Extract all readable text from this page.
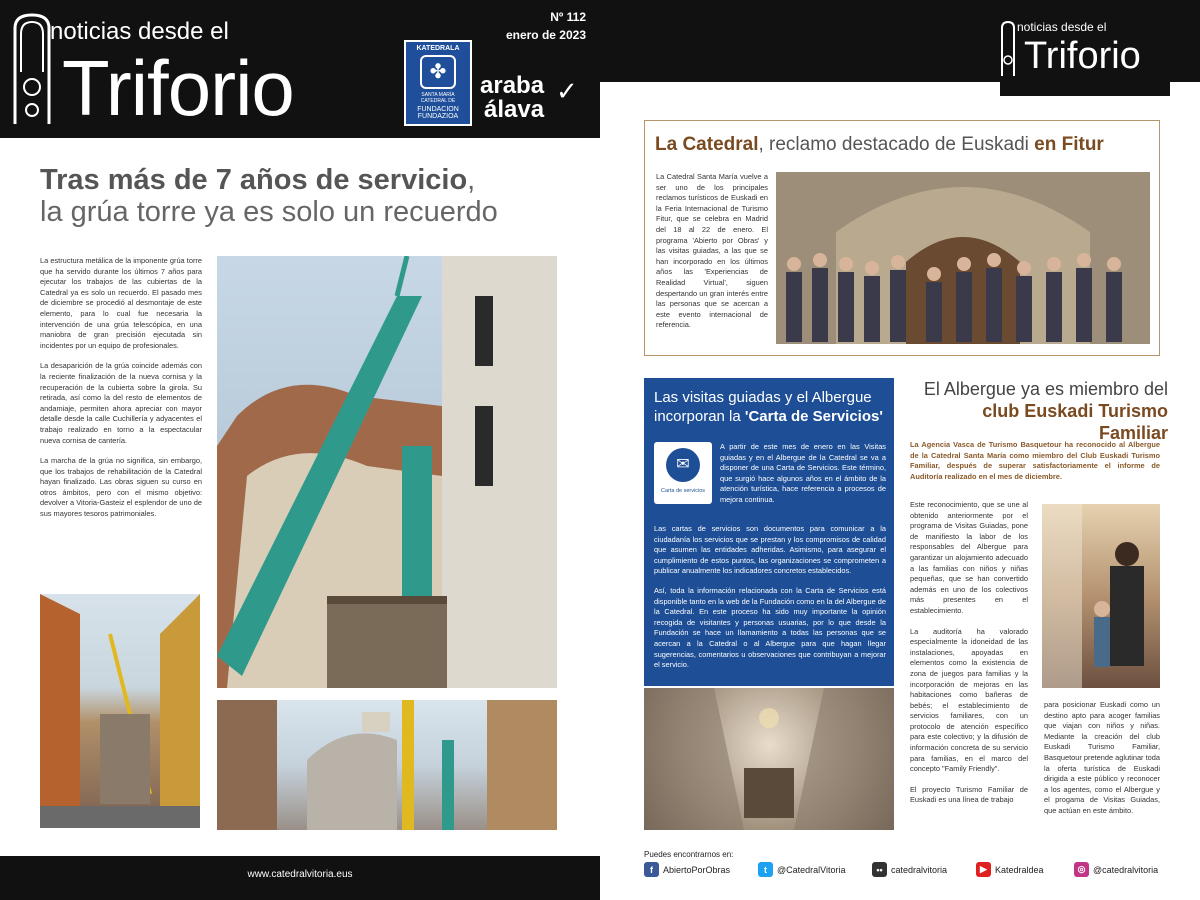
noticias desde el
Triforio
Nº 112
enero de 2023
KATEDRALA
✤
SANTA MARÍA
CATEDRAL DE
FUNDACION
FUNDAZIOA
araba
álava
✓
Tras más de 7 años de servicio,
la grúa torre ya es solo un recuerdo

La estructura metálica de la imponente grúa torre que ha servido durante los últimos 7 años para ejecutar los trabajos de las cubiertas de la Catedral ya es solo un recuerdo. El pasado mes de diciembre se procedió al desmontaje de este elemento, para lo cual fue necesaria la intervención de una grúa telescópica, en una maniobra de gran precisión ejecutada sin incidentes por un equipo de profesionales.

La desaparición de la grúa coincide además con la reciente finalización de la nueva cornisa y la recuperación de la cubierta sobre la girola. Su retirada, así como la del resto de elementos de andamiaje, permiten ahora apreciar con mayor detalle desde la calle Cuchillería y adyacentes el trabajo realizado en torno a la espectacular nueva cornisa de cantería.

La marcha de la grúa no significa, sin embargo, que los trabajos de rehabilitación de la Catedral hayan finalizado. Las obras siguen su curso en otros ámbitos, pero con el mismo objetivo: devolver a Vitoria-Gasteiz el esplendor de uno de sus mayores tesoros patrimoniales.

www.catedralvitoria.eus
noticias desde el
Triforio
La Catedral, reclamo destacado de Euskadi en Fitur

La Catedral Santa María vuelve a ser uno de los principales reclamos turísticos de Euskadi en la Feria Internacional de Turismo Fitur, que se celebra en Madrid del 18 al 22 de enero. El programa 'Abierto por Obras' y las visitas guiadas, a las que se han incorporado en los últimos años las 'Experiencias de Realidad Virtual', siguen despertando un gran interés entre las personas que se acercan a este evento internacional de referencia.

Las visitas guiadas y el Albergue
incorporan la 'Carta de Servicios'
✉
Carta de servicios

A partir de este mes de enero en las Visitas guiadas y en el Albergue de la Catedral se va a disponer de una Carta de Servicios. Este término, que surgió hace algunos años en el ámbito de la atención turística, hace referencia a procesos de mejora continua.

Las cartas de servicios son documentos para comunicar a la ciudadanía los servicios que se prestan y los compromisos de calidad que asumen las entidades adheridas. Asimismo, para asegurar el cumplimiento de estos puntos, las organizaciones se comprometen a publicar anualmente los indicadores concretos establecidos.

Así, toda la información relacionada con la Carta de Servicios está disponible tanto en la web de la Fundación como en la del Albergue de la Catedral. En este proceso ha sido muy importante la opinión recogida de visitantes y personas usuarias, por lo que desde la Fundación se hace un llamamiento a todas las personas que se acercan a la Catedral o al Albergue para que hagan llegar sugerencias, comentarios u observaciones que contribuyan a mejorar el servicio.

El Albergue ya es miembro del
club Euskadi Turismo Familiar

La Agencia Vasca de Turismo Basquetour ha reconocido al Albergue de la Catedral Santa María como miembro del Club Euskadi Turismo Familiar, después de superar satisfactoriamente el informe de Auditoría realizado en el mes de diciembre.

Este reconocimiento, que se une al obtenido anteriormente por el programa de Visitas Guiadas, pone de manifiesto la labor de los responsables del Albergue para garantizar un alojamiento adecuado a las familias con niños y niñas pequeñas, que se han convertido además en uno de los colectivos más presentes en el establecimiento.

La auditoría ha valorado especialmente la idoneidad de las instalaciones, apoyadas en elementos como la existencia de zona de juegos para familias y la incorporación de mejoras en las habitaciones como bañeras de bebés; el establecimiento de servicios familiares, con un protocolo de atención específico para este colectivo; y la difusión de información concreta de su servicio para familias, en el marco del concepto "Family Friendly".

El proyecto Turismo Familiar de Euskadi es una línea de trabajo

para posicionar Euskadi como un destino apto para acoger familias que viajan con niños y niñas. Mediante la creación del club Euskadi Turismo Familiar, Basquetour pretende aglutinar toda la oferta turística de Euskadi dirigida a este público y reconocer a los agentes, como el Albergue y el progama de Visitas Guiadas, que actúan en este ámbito.

Puedes encontrarnos en:
f	AbiertoPorObras	t	@CatedralVitoria	•• catedralvitoria	▶ Katedraldea	◎ @catedralvitoria
